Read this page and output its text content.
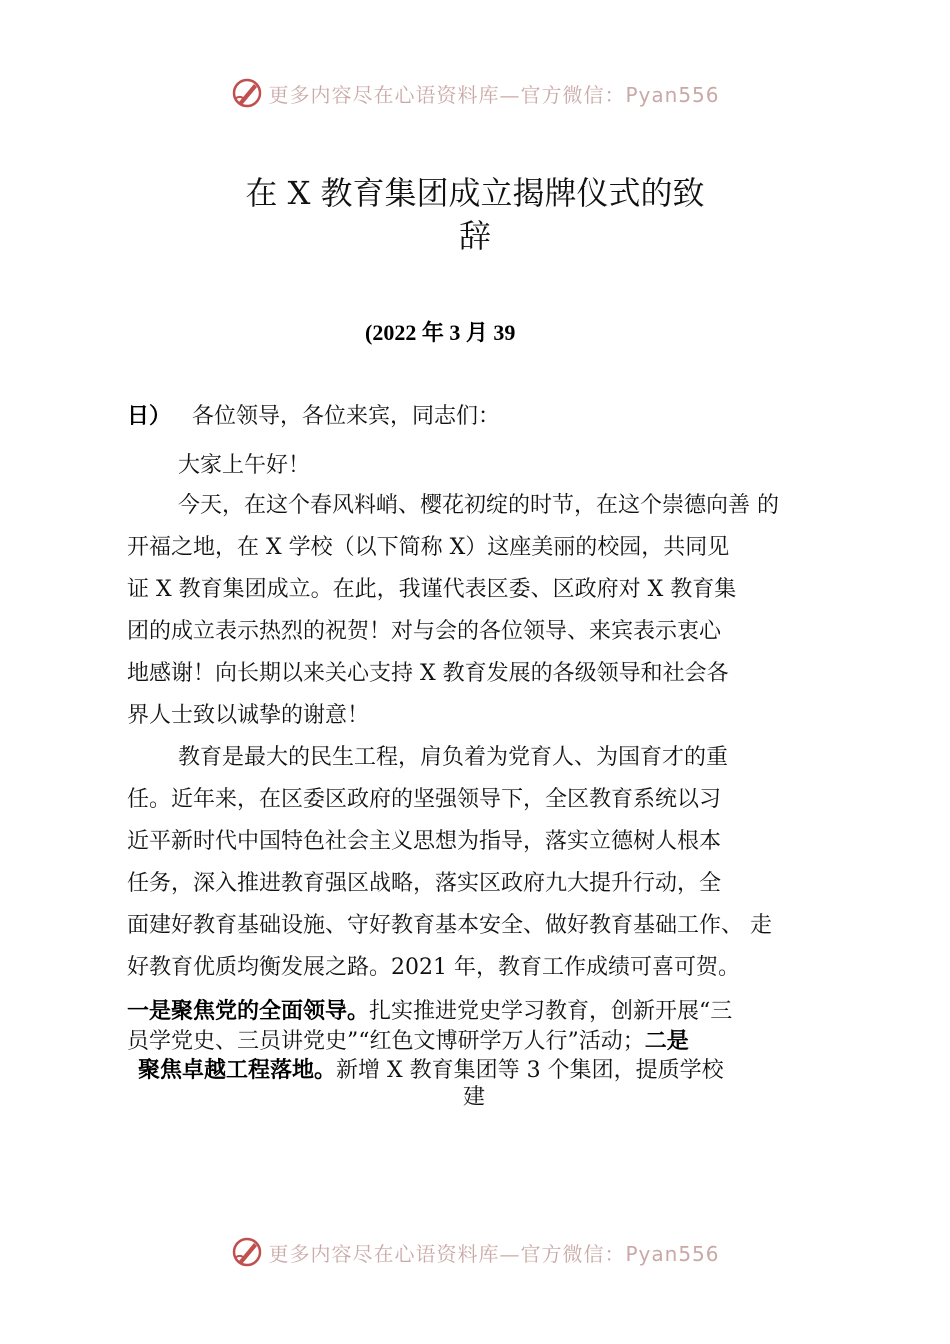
更多内容尽在心语资料库—官方微信：Pyan556
在 X 教育集团成立揭牌仪式的致
辞
(2022 年 3 月 39
日） 各位领导，各位来宾，同志们：
大家上午好！
今天，在这个春风料峭、樱花初绽的时节，在这个崇德向善 的
开福之地，在 X 学校（以下简称 X）这座美丽的校园，共同见
证 X 教育集团成立。在此，我谨代表区委、区政府对 X 教育集
团的成立表示热烈的祝贺！对与会的各位领导、来宾表示衷心
地感谢！向长期以来关心支持 X 教育发展的各级领导和社会各
界人士致以诚挚的谢意！
教育是最大的民生工程，肩负着为党育人、为国育才的重
任。近年来，在区委区政府的坚强领导下，全区教育系统以习
近平新时代中国特色社会主义思想为指导，落实立德树人根本
任务，深入推进教育强区战略，落实区政府九大提升行动，全
面建好教育基础设施、守好教育基本安全、做好教育基础工作、 走
好教育优质均衡发展之路。2021 年，教育工作成绩可喜可贺。
一是聚焦党的全面领导。扎实推进党史学习教育，创新开展“三
员学党史、三员讲党史”“红色文博研学万人行”活动；二是
聚焦卓越工程落地。新增 X 教育集团等 3 个集团，提质学校
建
更多内容尽在心语资料库—官方微信：Pyan556
